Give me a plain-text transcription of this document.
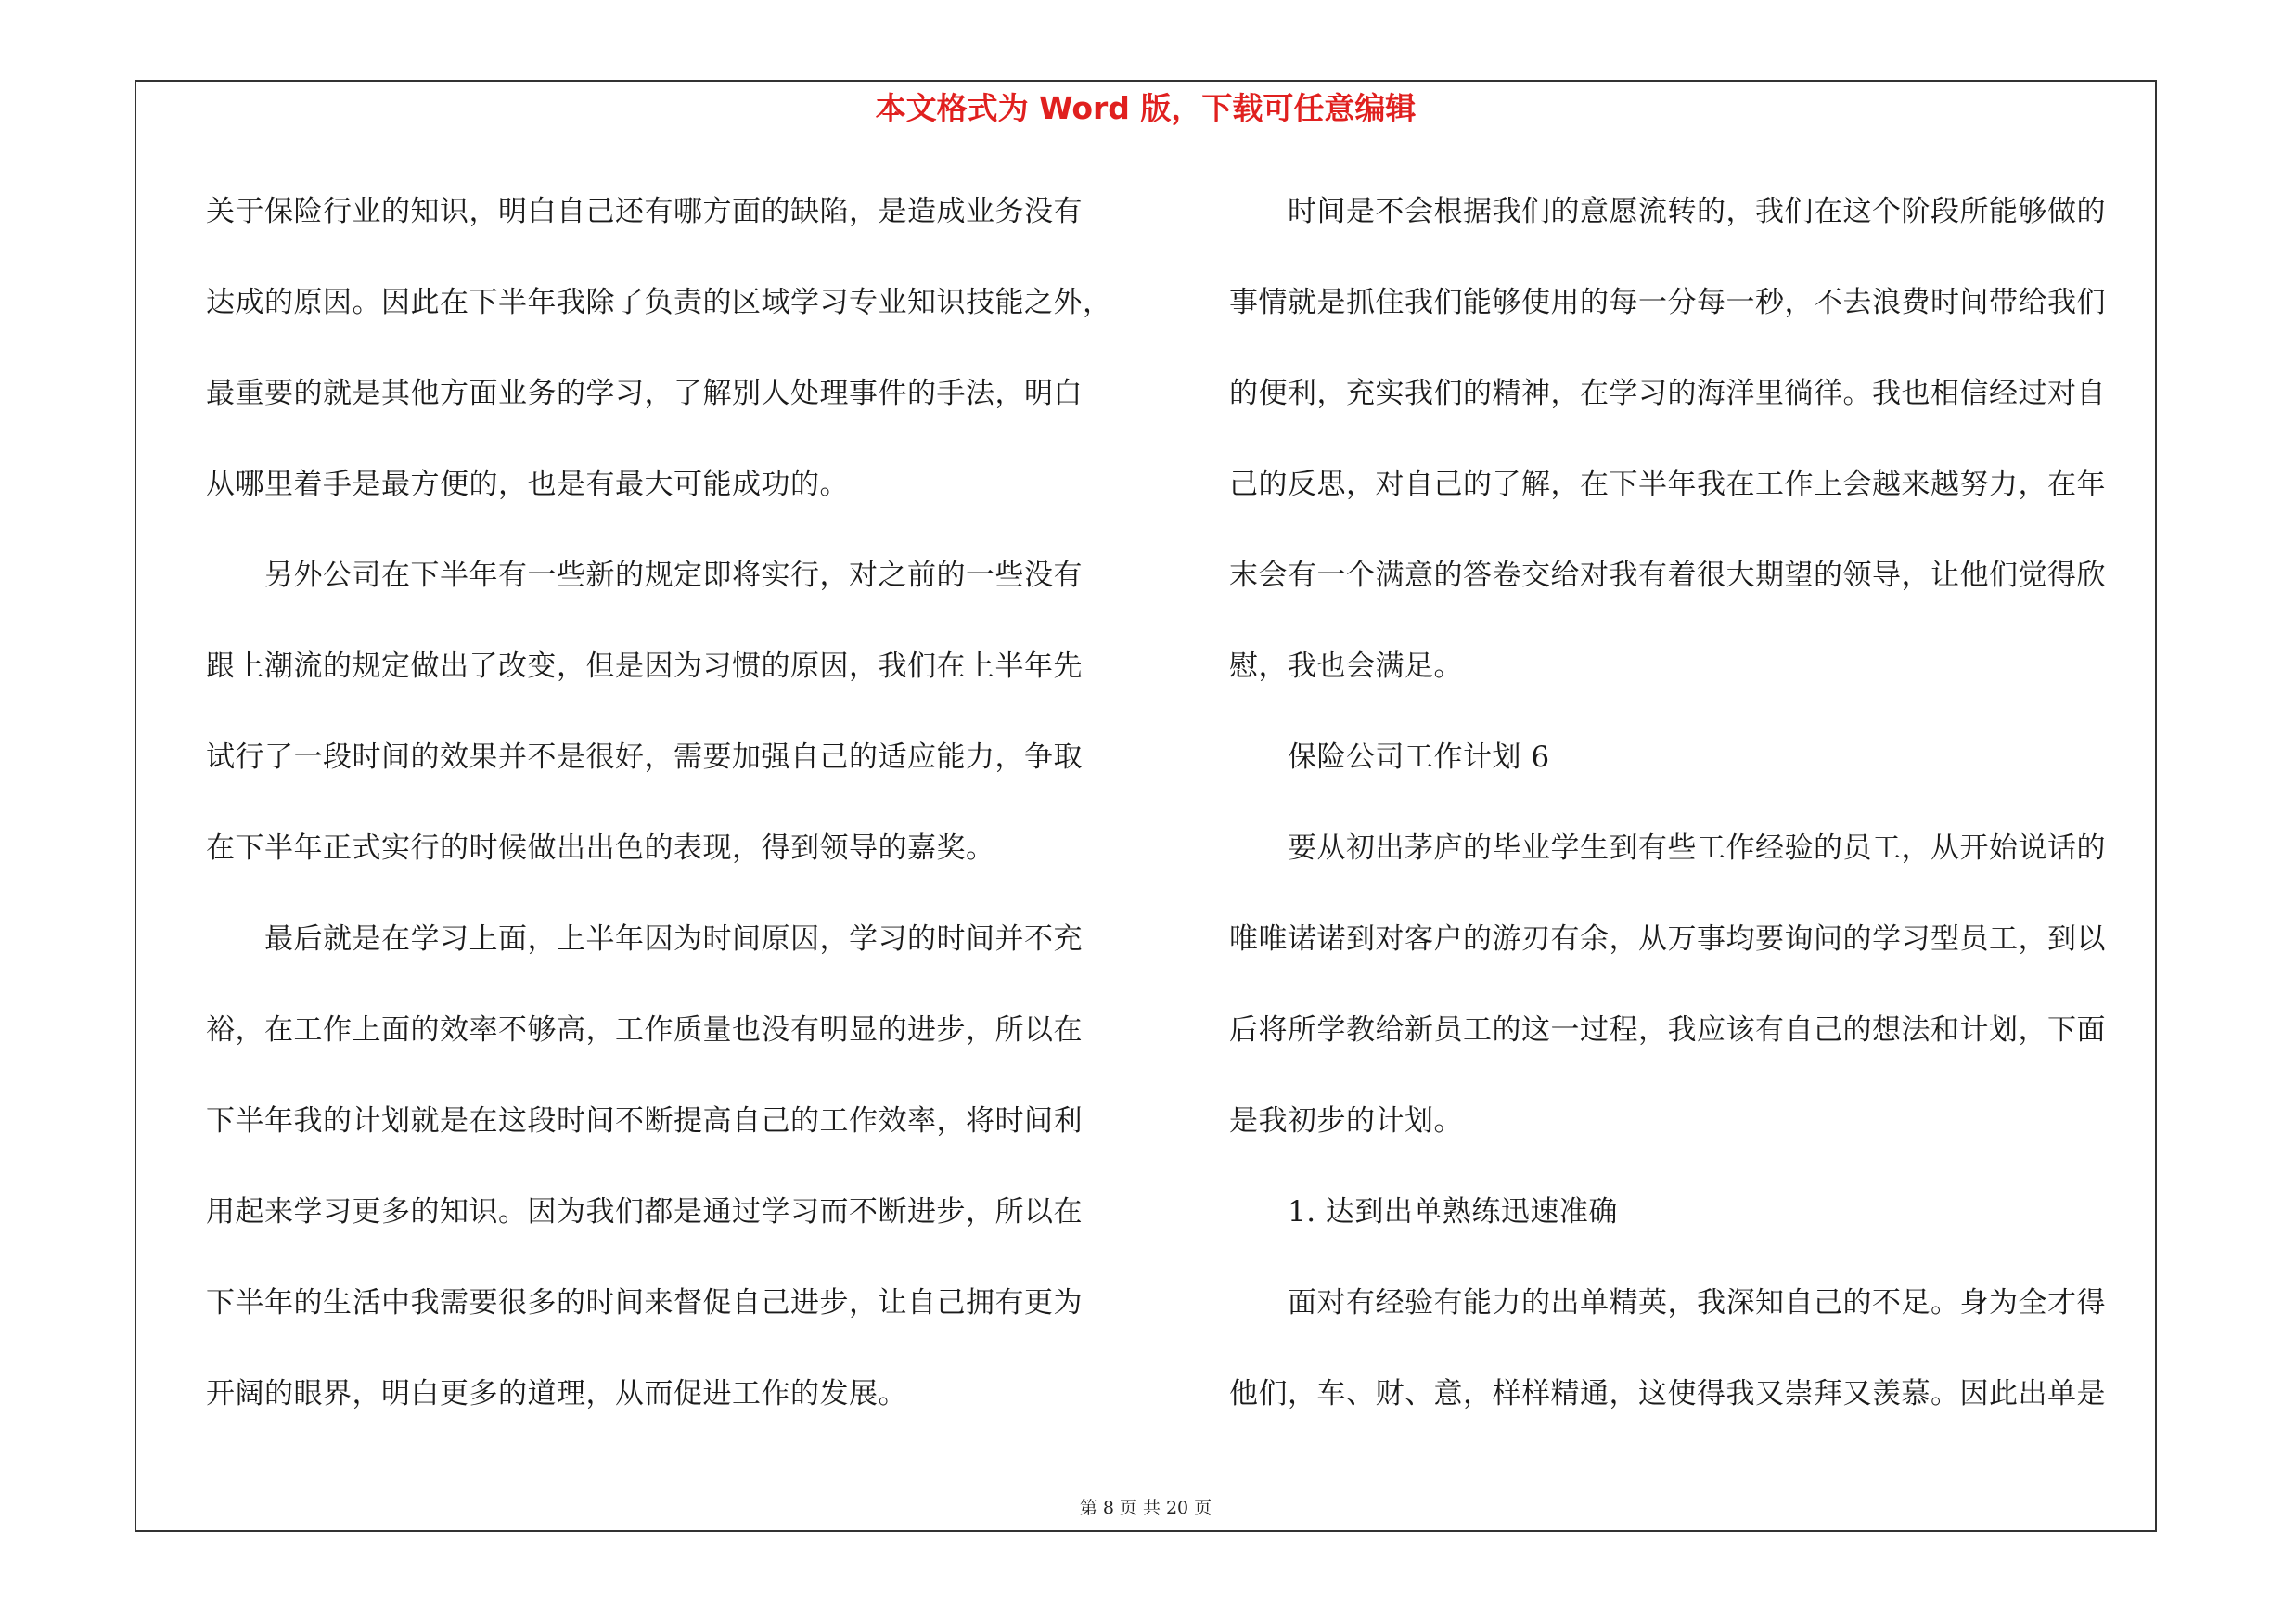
本文格式为 Word 版，下载可任意编辑
关于保险行业的知识，明白自己还有哪方面的缺陷，是造成业务没有
达成的原因。因此在下半年我除了负责的区域学习专业知识技能之外，
最重要的就是其他方面业务的学习，了解别人处理事件的手法，明白
从哪里着手是最方便的，也是有最大可能成功的。
　　另外公司在下半年有一些新的规定即将实行，对之前的一些没有
跟上潮流的规定做出了改变，但是因为习惯的原因，我们在上半年先
试行了一段时间的效果并不是很好，需要加强自己的适应能力，争取
在下半年正式实行的时候做出出色的表现，得到领导的嘉奖。
　　最后就是在学习上面，上半年因为时间原因，学习的时间并不充
裕，在工作上面的效率不够高，工作质量也没有明显的进步，所以在
下半年我的计划就是在这段时间不断提高自己的工作效率，将时间利
用起来学习更多的知识。因为我们都是通过学习而不断进步，所以在
下半年的生活中我需要很多的时间来督促自己进步，让自己拥有更为
开阔的眼界，明白更多的道理，从而促进工作的发展。
　　时间是不会根据我们的意愿流转的，我们在这个阶段所能够做的
事情就是抓住我们能够使用的每一分每一秒，不去浪费时间带给我们
的便利，充实我们的精神，在学习的海洋里徜徉。我也相信经过对自
己的反思，对自己的了解，在下半年我在工作上会越来越努力，在年
末会有一个满意的答卷交给对我有着很大期望的领导，让他们觉得欣
慰，我也会满足。
　　保险公司工作计划 6
　　要从初出茅庐的毕业学生到有些工作经验的员工，从开始说话的
唯唯诺诺到对客户的游刃有余，从万事均要询问的学习型员工，到以
后将所学教给新员工的这一过程，我应该有自己的想法和计划，下面
是我初步的计划。
　　1. 达到出单熟练迅速准确
　　面对有经验有能力的出单精英，我深知自己的不足。身为全才得
他们，车、财、意，样样精通，这使得我又崇拜又羡慕。因此出单是
第 8 页 共 20 页
